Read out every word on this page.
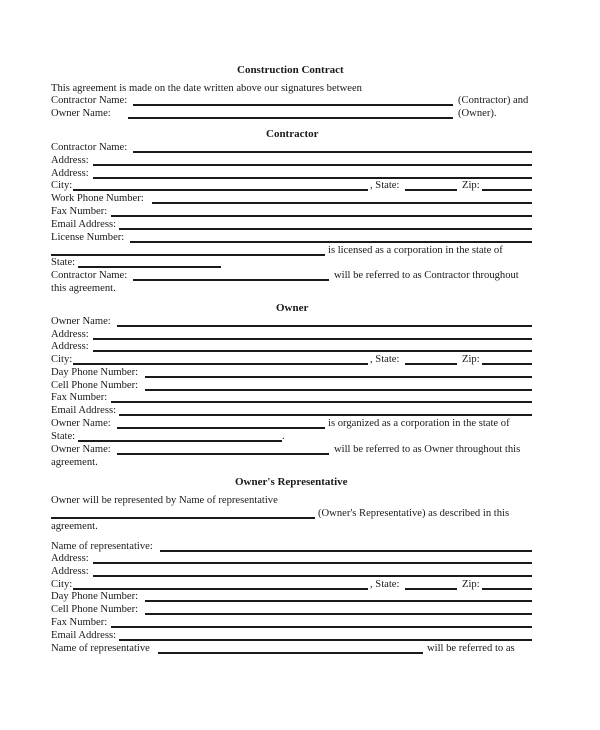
Construction Contract
This agreement is made on the date written above our signatures between
Contractor Name:	(Contractor) and
Owner Name:	(Owner).
Contractor
Contractor Name:
Address:
Address:
City:	, State:	Zip:
Work Phone Number:
Fax Number:
Email Address:
License Number:
is licensed as a corporation in the state of
State:
Contractor Name:	will be referred to as Contractor throughout
this agreement.
Owner
Owner Name:
Address:
Address:
City:	, State:	Zip:
Day Phone Number:
Cell Phone Number:
Fax Number:
Email Address:
Owner Name:	is organized as a corporation in the state of
State:	.
Owner Name:	will be referred to as Owner throughout this
agreement.
Owner's Representative
Owner will be represented by Name of representative
(Owner's Representative) as described in this
agreement.
Name of representative:
Address:
Address:
City:	, State:	Zip:
Day Phone Number:
Cell Phone Number:
Fax Number:
Email Address:
Name of representative	will be referred to as
